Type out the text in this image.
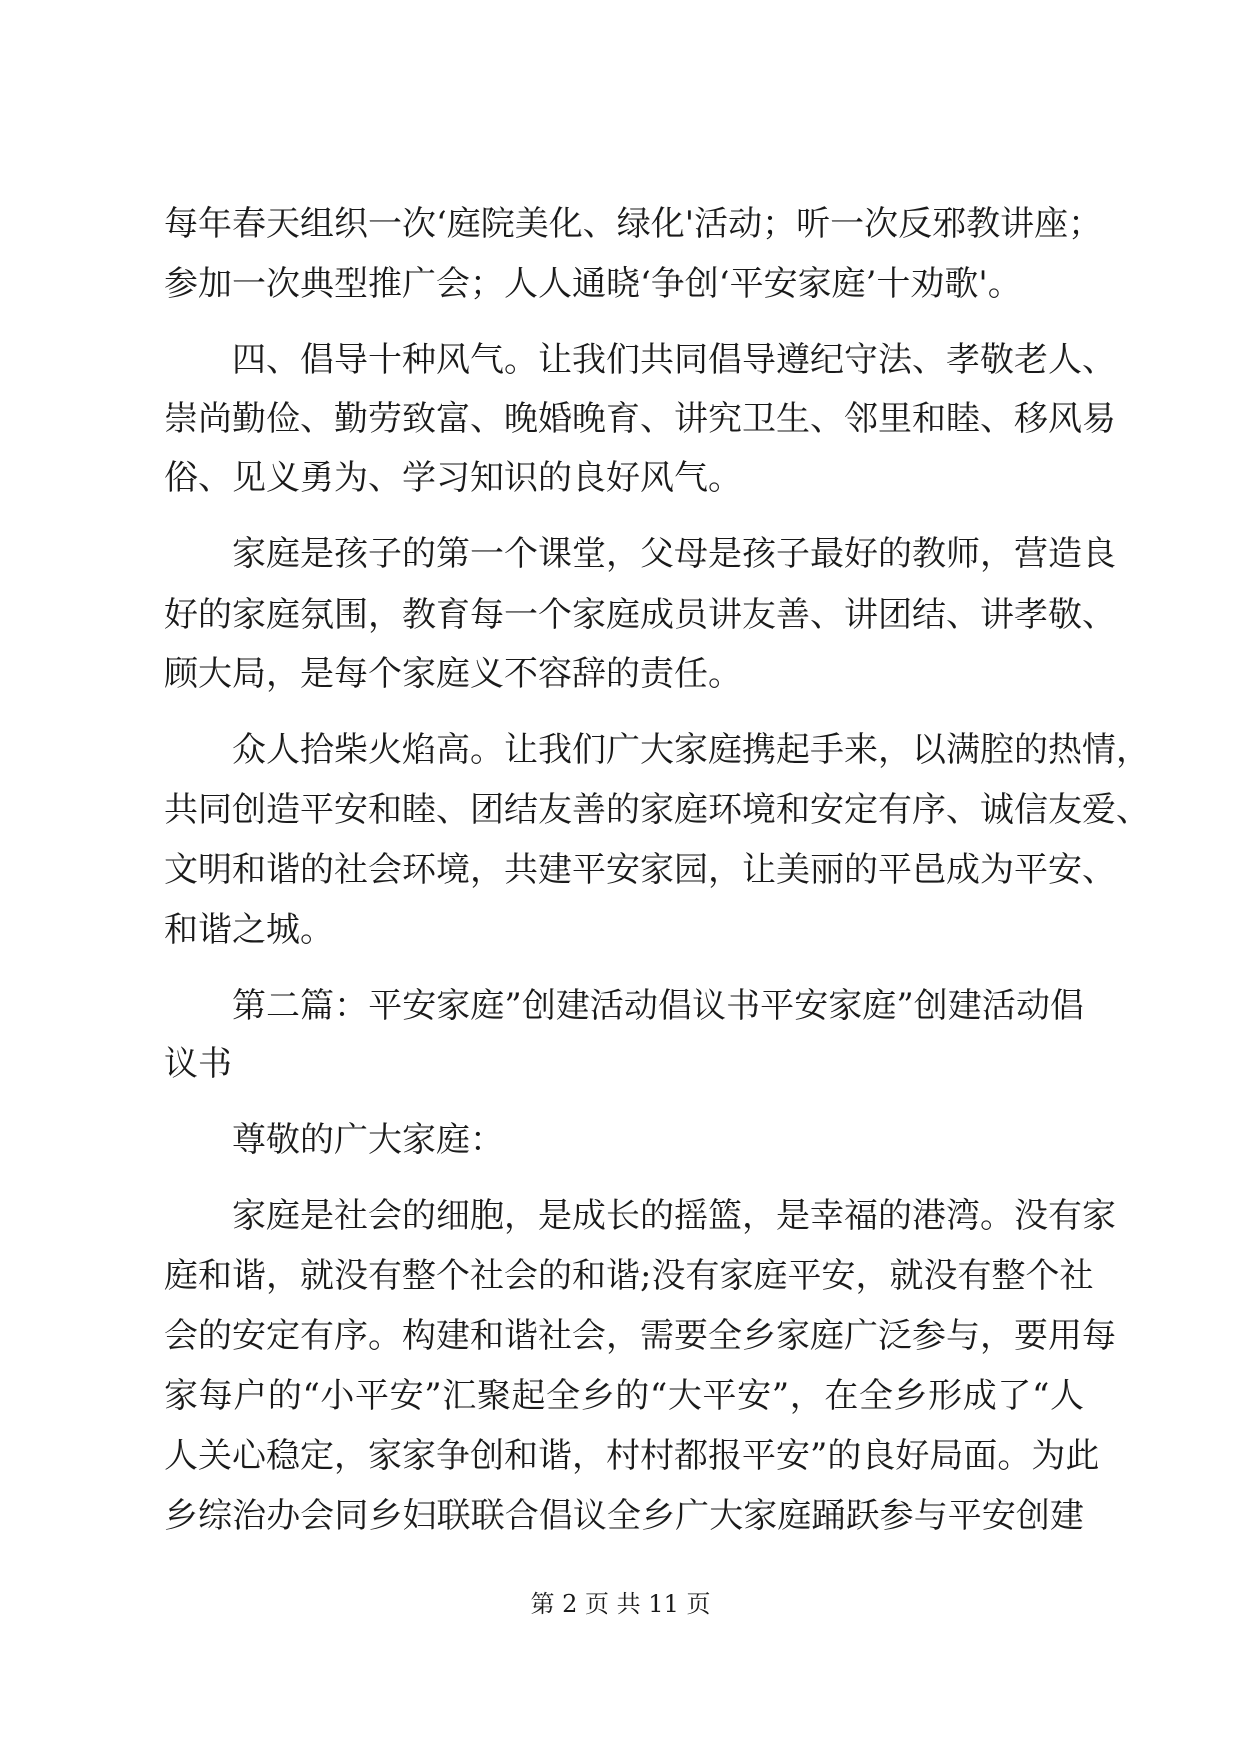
每年春天组织一次‘庭院美化、绿化'活动；听一次反邪教讲座；
参加一次典型推广会；人人通晓‘争创‘平安家庭’十劝歌'。
四、倡导十种风气。让我们共同倡导遵纪守法、孝敬老人、
崇尚勤俭、勤劳致富、晚婚晚育、讲究卫生、邻里和睦、移风易
俗、见义勇为、学习知识的良好风气。
家庭是孩子的第一个课堂，父母是孩子最好的教师，营造良
好的家庭氛围，教育每一个家庭成员讲友善、讲团结、讲孝敬、
顾大局，是每个家庭义不容辞的责任。
众人拾柴火焰高。让我们广大家庭携起手来，以满腔的热情，
共同创造平安和睦、团结友善的家庭环境和安定有序、诚信友爱、
文明和谐的社会环境，共建平安家园，让美丽的平邑成为平安、
和谐之城。
第二篇：平安家庭”创建活动倡议书平安家庭”创建活动倡
议书
尊敬的广大家庭：
家庭是社会的细胞，是成长的摇篮，是幸福的港湾。没有家
庭和谐，就没有整个社会的和谐;没有家庭平安，就没有整个社
会的安定有序。构建和谐社会，需要全乡家庭广泛参与，要用每
家每户的“小平安”汇聚起全乡的“大平安”，在全乡形成了“人
人关心稳定，家家争创和谐，村村都报平安”的良好局面。为此
乡综治办会同乡妇联联合倡议全乡广大家庭踊跃参与平安创建
第 2 页 共 11 页
